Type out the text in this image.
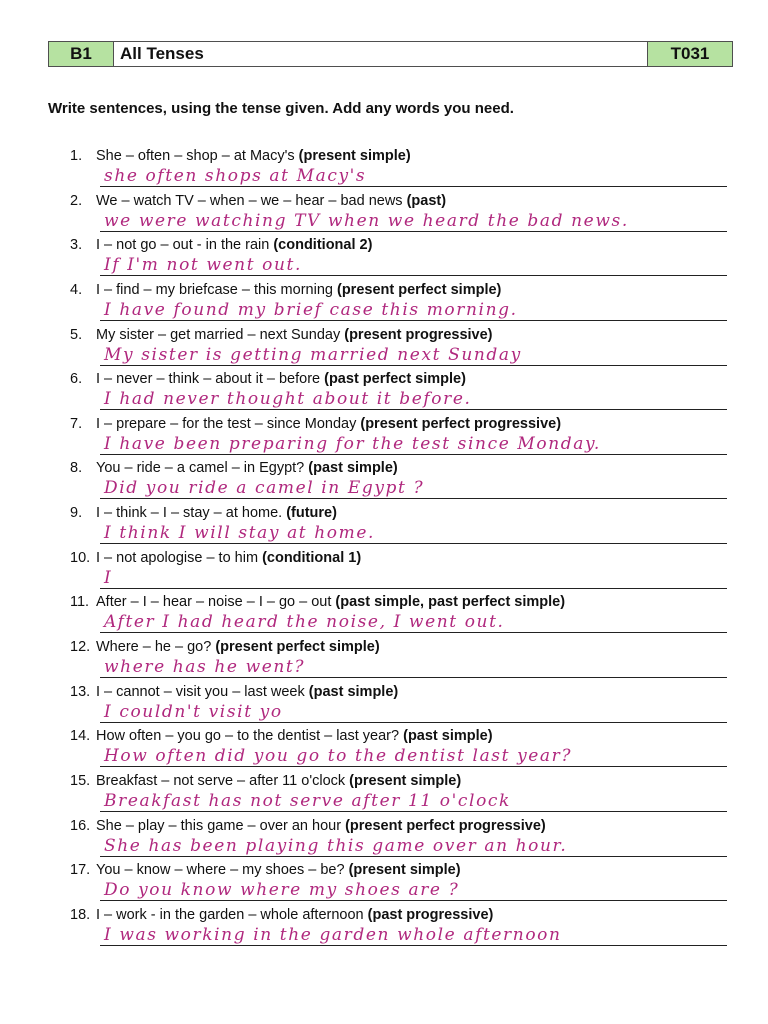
B1	All Tenses	T031
Write sentences, using the tense given. Add any words you need.
1. She – often – shop – at Macy's (present simple)
she often shops at Macy's
2. We – watch TV – when – we – hear – bad news (past)
we were watching TV when we heard the bad news.
3. I – not go – out - in the rain (conditional 2)
If I'm not went out.
4. I – find – my briefcase – this morning (present perfect simple)
I have found my brief case this morning.
5. My sister – get married – next Sunday (present progressive)
My sister is getting married next Sunday
6. I – never – think – about it – before (past perfect simple)
I had never thought about it before.
7. I – prepare – for the test – since Monday (present perfect progressive)
I have been preparing for the test since Monday.
8. You – ride – a camel – in Egypt? (past simple)
Did you ride a camel in Egypt ?
9. I – think – I – stay – at home. (future)
I think I will stay at home.
10. I – not apologise – to him (conditional 1)
I
11. After – I – hear – noise – I – go – out (past simple, past perfect simple)
After I had heard the noise, I went out.
12. Where – he – go? (present perfect simple)
where has he went?
13. I – cannot – visit you – last week (past simple)
I couldn't visit yo
14. How often – you go – to the dentist – last year? (past simple)
How often did you go to the dentist last year?
15. Breakfast – not serve – after 11 o'clock (present simple)
Breakfast has not serve after 11 o'clock
16. She – play – this game – over an hour (present perfect progressive)
She has been playing this game over an hour.
17. You – know – where – my shoes – be? (present simple)
Do you know where my shoes are ?
18. I – work - in the garden – whole afternoon (past progressive)
I was working in the garden whole afternoon
